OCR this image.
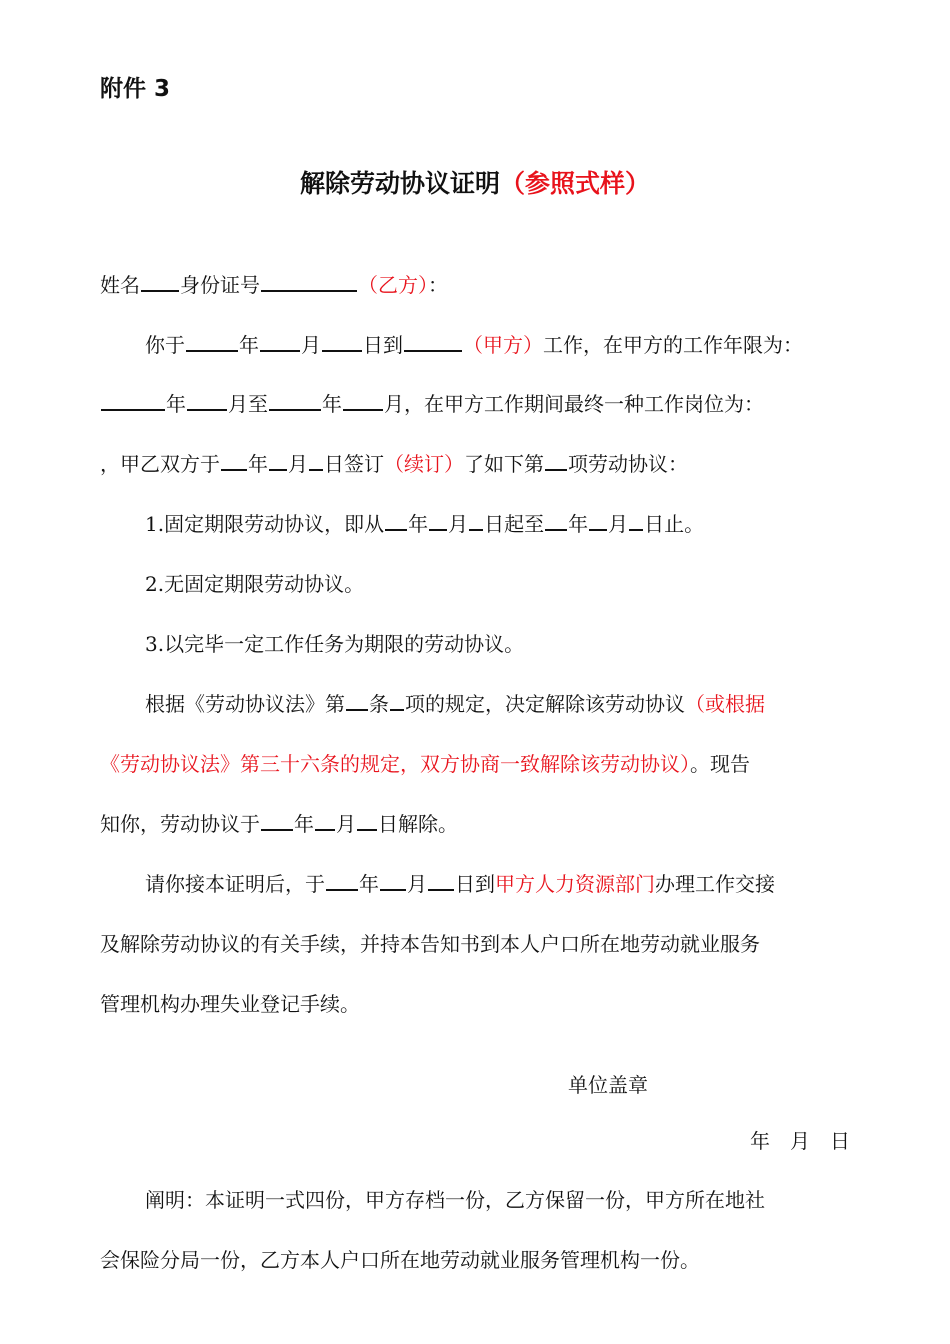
附件 3
解除劳动协议证明（参照式样）
姓名 身份证号	（乙方）：
你于	年 月 日到	（甲方）工作，在甲方的工作年限为：
年 月至	年 月，在甲方工作期间最终一种工作岗位为：
，甲乙双方于 年 月 日签订（续订）了如下第 项劳动协议：
1.固定期限劳动协议，即从 年 月 日起至 年 月 日止。
2.无固定期限劳动协议。
3.以完毕一定工作任务为期限的劳动协议。
根据《劳动协议法》第 条 项的规定，决定解除该劳动协议（或根据
《劳动协议法》第三十六条的规定，双方协商一致解除该劳动协议）。现告
知你，劳动协议于 年 月 日解除。
请你接本证明后，于 年 月 日到甲方人力资源部门办理工作交接
及解除劳动协议的有关手续，并持本告知书到本人户口所在地劳动就业服务
管理机构办理失业登记手续。
单位盖章
年　月　日
阐明：本证明一式四份，甲方存档一份，乙方保留一份，甲方所在地社
会保险分局一份，乙方本人户口所在地劳动就业服务管理机构一份。
